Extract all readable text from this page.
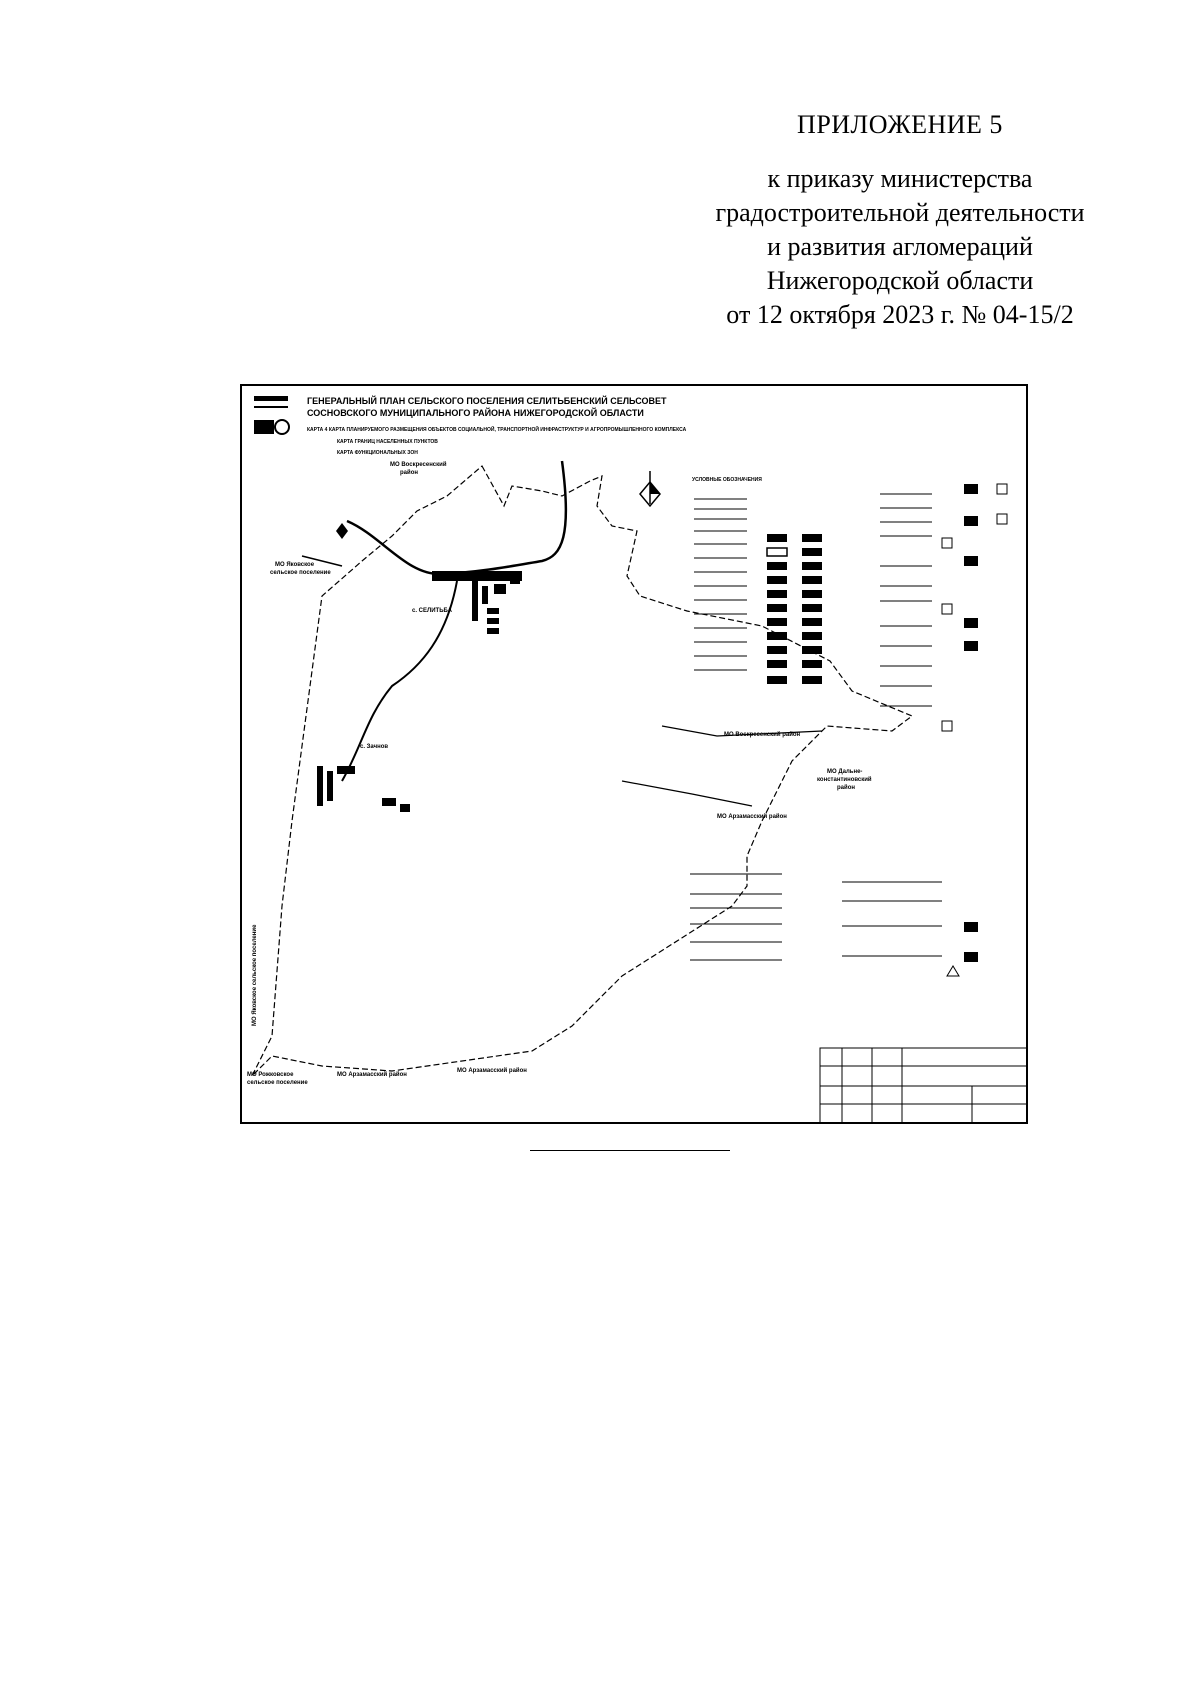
ПРИЛОЖЕНИЕ 5
к приказу министерства
градостроительной деятельности
и развития агломераций
Нижегородской области
от 12 октября 2023 г. № 04-15/2
ГЕНЕРАЛЬНЫЙ ПЛАН СЕЛЬСКОГО ПОСЕЛЕНИЯ СЕЛИТЬБЕНСКИЙ СЕЛЬСОВЕТ
СОСНОВСКОГО МУНИЦИПАЛЬНОГО РАЙОНА НИЖЕГОРОДСКОЙ ОБЛАСТИ
КАРТА 4 КАРТА ПЛАНИРУЕМОГО РАЗМЕЩЕНИЯ ОБЪЕКТОВ СОЦИАЛЬНОЙ, ТРАНСПОРТНОЙ ИНФРАСТРУКТУР И АГРОПРОМЫШЛЕННОГО КОМПЛЕКСА
КАРТА ГРАНИЦ НАСЕЛЕННЫХ ПУНКТОВ
КАРТА ФУНКЦИОНАЛЬНЫХ ЗОН
МО Воскресенский
район
МО Яковское
сельское поселение
с. СЕЛИТЬБА
с. Зачнов
МО Воскресенский район
МО Дальне-
константиновский
район
МО Арзамасский район
МО Рожковское
сельское поселение
МО Арзамасский район
МО Арзамасский район
МО Яковское сельское поселение
УСЛОВНЫЕ ОБОЗНАЧЕНИЯ
